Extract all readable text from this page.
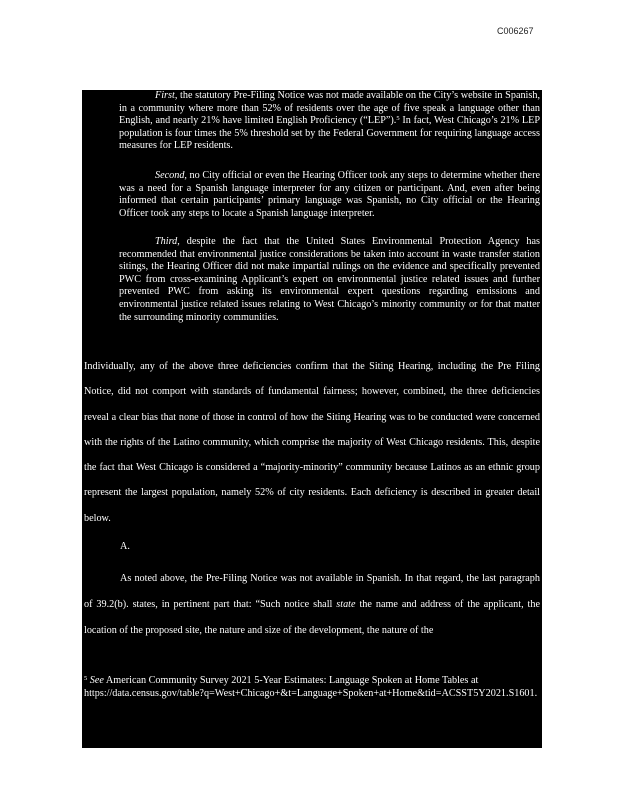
C006267
First, the statutory Pre-Filing Notice was not made available on the City’s website in Spanish, in a community where more than 52% of residents over the age of five speak a language other than English, and nearly 21% have limited English Proficiency (“LEP”).$^5$ In fact, West Chicago’s 21% LEP population is four times the 5% threshold set by the Federal Government for requiring language access measures for LEP residents.
Second, no City official or even the Hearing Officer took any steps to determine whether there was a need for a Spanish language interpreter for any citizen or participant. And, even after being informed that certain participants’ primary language was Spanish, no City official or the Hearing Officer took any steps to locate a Spanish language interpreter.
Third, despite the fact that the United States Environmental Protection Agency has recommended that environmental justice considerations be taken into account in waste transfer station sitings, the Hearing Officer did not make impartial rulings on the evidence and specifically prevented PWC from cross-examining Applicant’s expert on environmental justice related issues and further prevented PWC from asking its environmental expert questions regarding emissions and environmental justice related issues relating to West Chicago’s minority community or for that matter the surrounding minority communities.
Individually, any of the above three deficiencies confirm that the Siting Hearing, including the Pre Filing Notice, did not comport with standards of fundamental fairness; however, combined, the three deficiencies reveal a clear bias that none of those in control of how the Siting Hearing was to be conducted were concerned with the rights of the Latino community, which comprise the majority of West Chicago residents. This, despite the fact that West Chicago is considered a “majority-minority” community because Latinos as an ethnic group represent the largest population, namely 52% of city residents. Each deficiency is described in greater detail below.
A.
As noted above, the Pre-Filing Notice was not available in Spanish. In that regard, the last paragraph of 39.2(b). states, in pertinent part that: “Such notice shall state the name and address of the applicant, the location of the proposed site, the nature and size of the development, the nature of the
$^5$ See American Community Survey 2021 5-Year Estimates: Language Spoken at Home Tables at https://data.census.gov/table?q=West+Chicago+&t=Language+Spoken+at+Home&tid=ACSST5Y2021.S1601.
24
